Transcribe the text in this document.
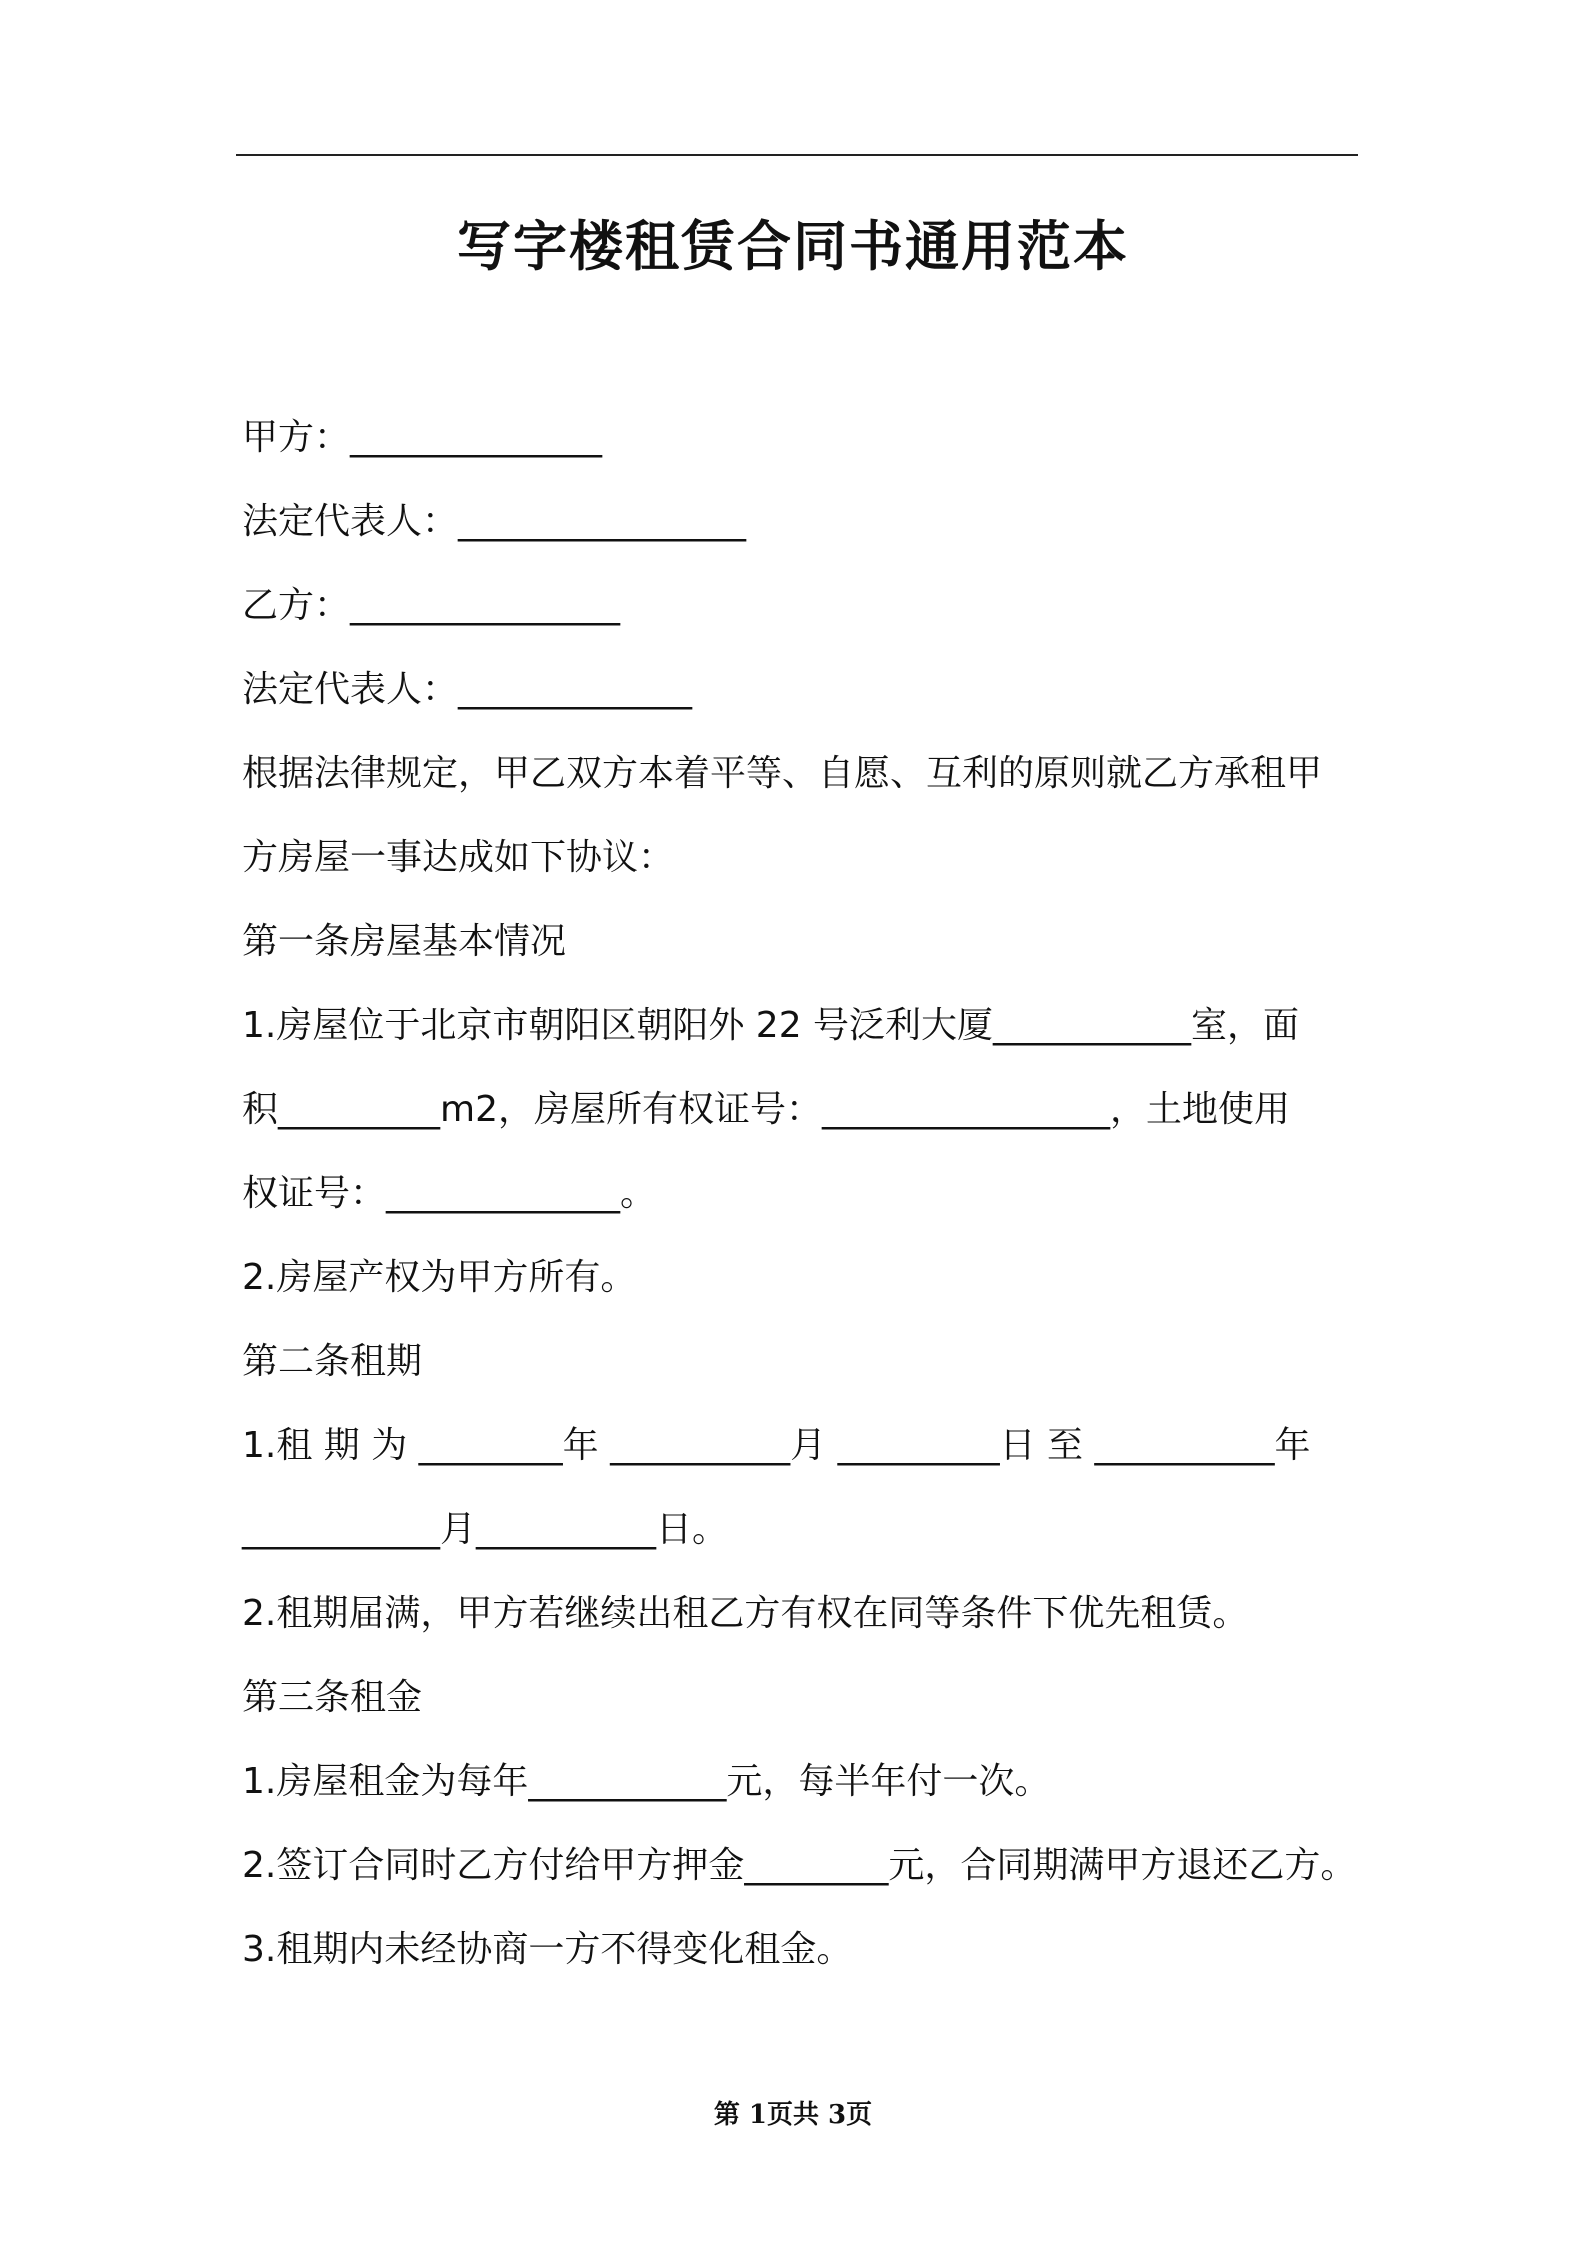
写字楼租赁合同书通用范本
甲方：______________
法定代表人：________________
乙方：_______________
法定代表人：_____________
根据法律规定，甲乙双方本着平等、自愿、互利的原则就乙方承租甲
方房屋一事达成如下协议：
第一条房屋基本情况
1.房屋位于北京市朝阳区朝阳外 22 号泛利大厦___________室，面
积_________m2，房屋所有权证号：________________，土地使用
权证号：_____________。
2.房屋产权为甲方所有。
第二条租期
1.租 期 为 ________年 __________月 _________日 至 __________年
___________月__________日。
2.租期届满，甲方若继续出租乙方有权在同等条件下优先租赁。
第三条租金
1.房屋租金为每年___________元，每半年付一次。
2.签订合同时乙方付给甲方押金________元，合同期满甲方退还乙方。
3.租期内未经协商一方不得变化租金。
第 1页共 3页
